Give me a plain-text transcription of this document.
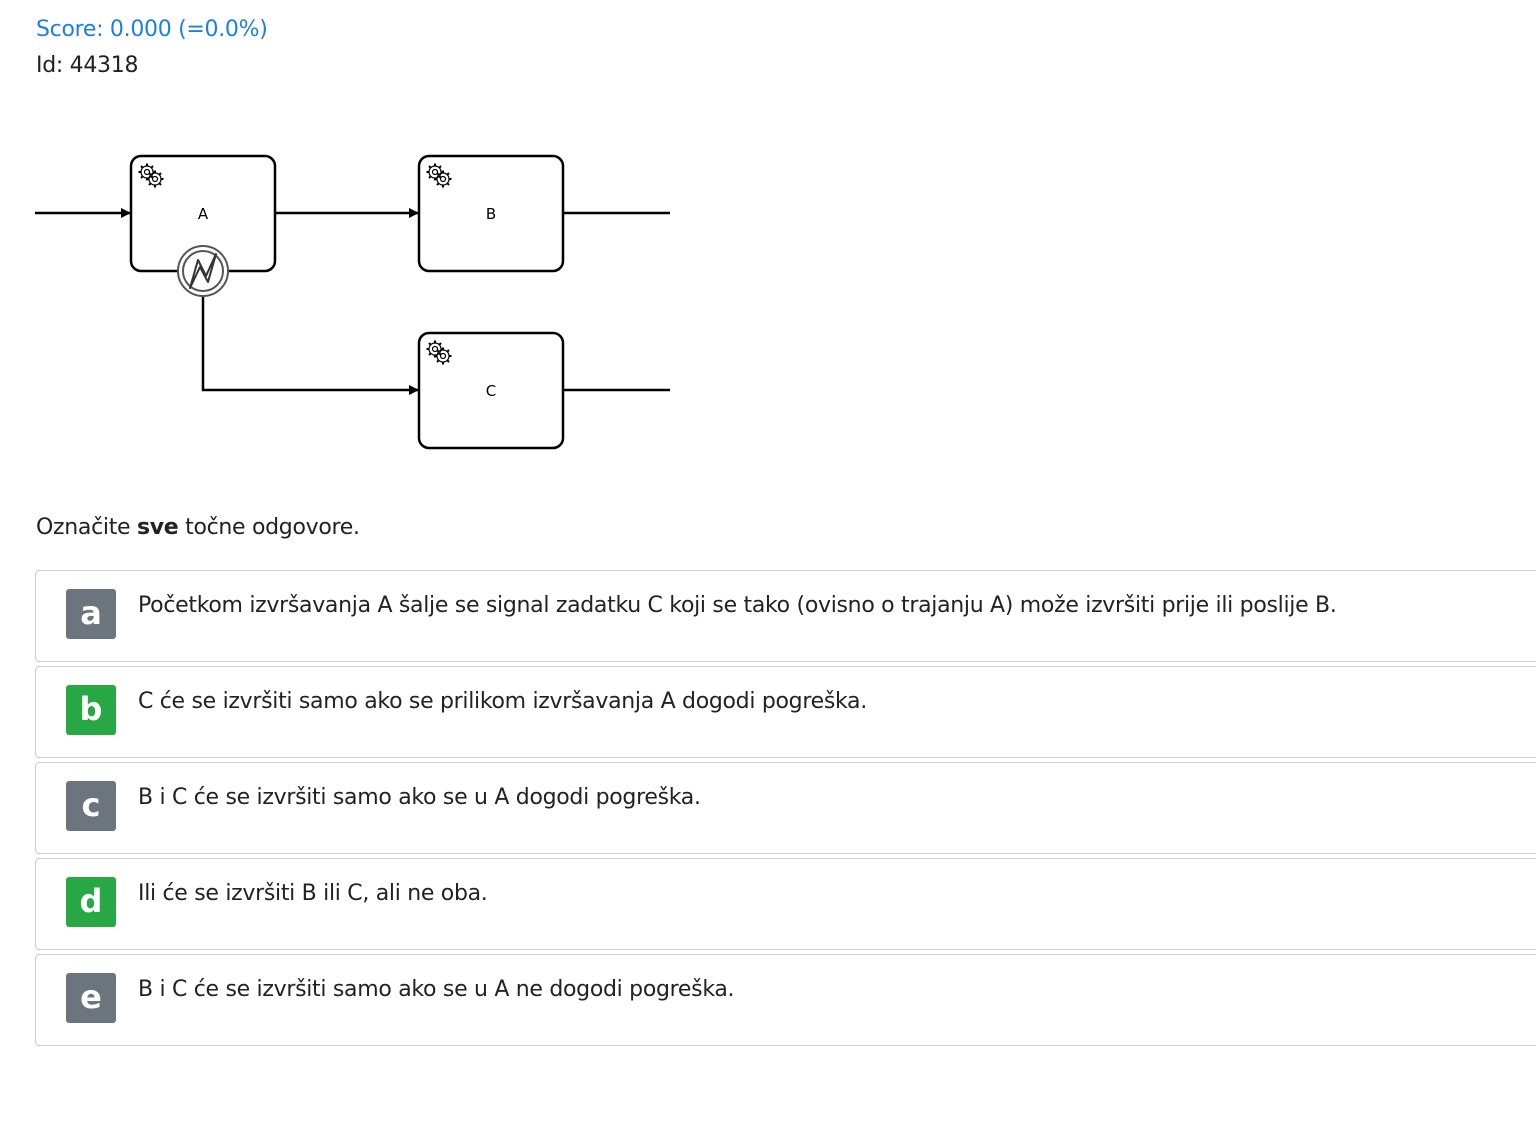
Score: 0.000 (=0.0%)
Id: 44318
A	B
C
Označite sve točne odgovore.
a	Početkom izvršavanja A šalje se signal zadatku C koji se tako (ovisno o trajanju A) može izvršiti prije ili poslije B.
b	C će se izvršiti samo ako se prilikom izvršavanja A dogodi pogreška.
c	B i C će se izvršiti samo ako se u A dogodi pogreška.
d	Ili će se izvršiti B ili C, ali ne oba.
e	B i C će se izvršiti samo ako se u A ne dogodi pogreška.
